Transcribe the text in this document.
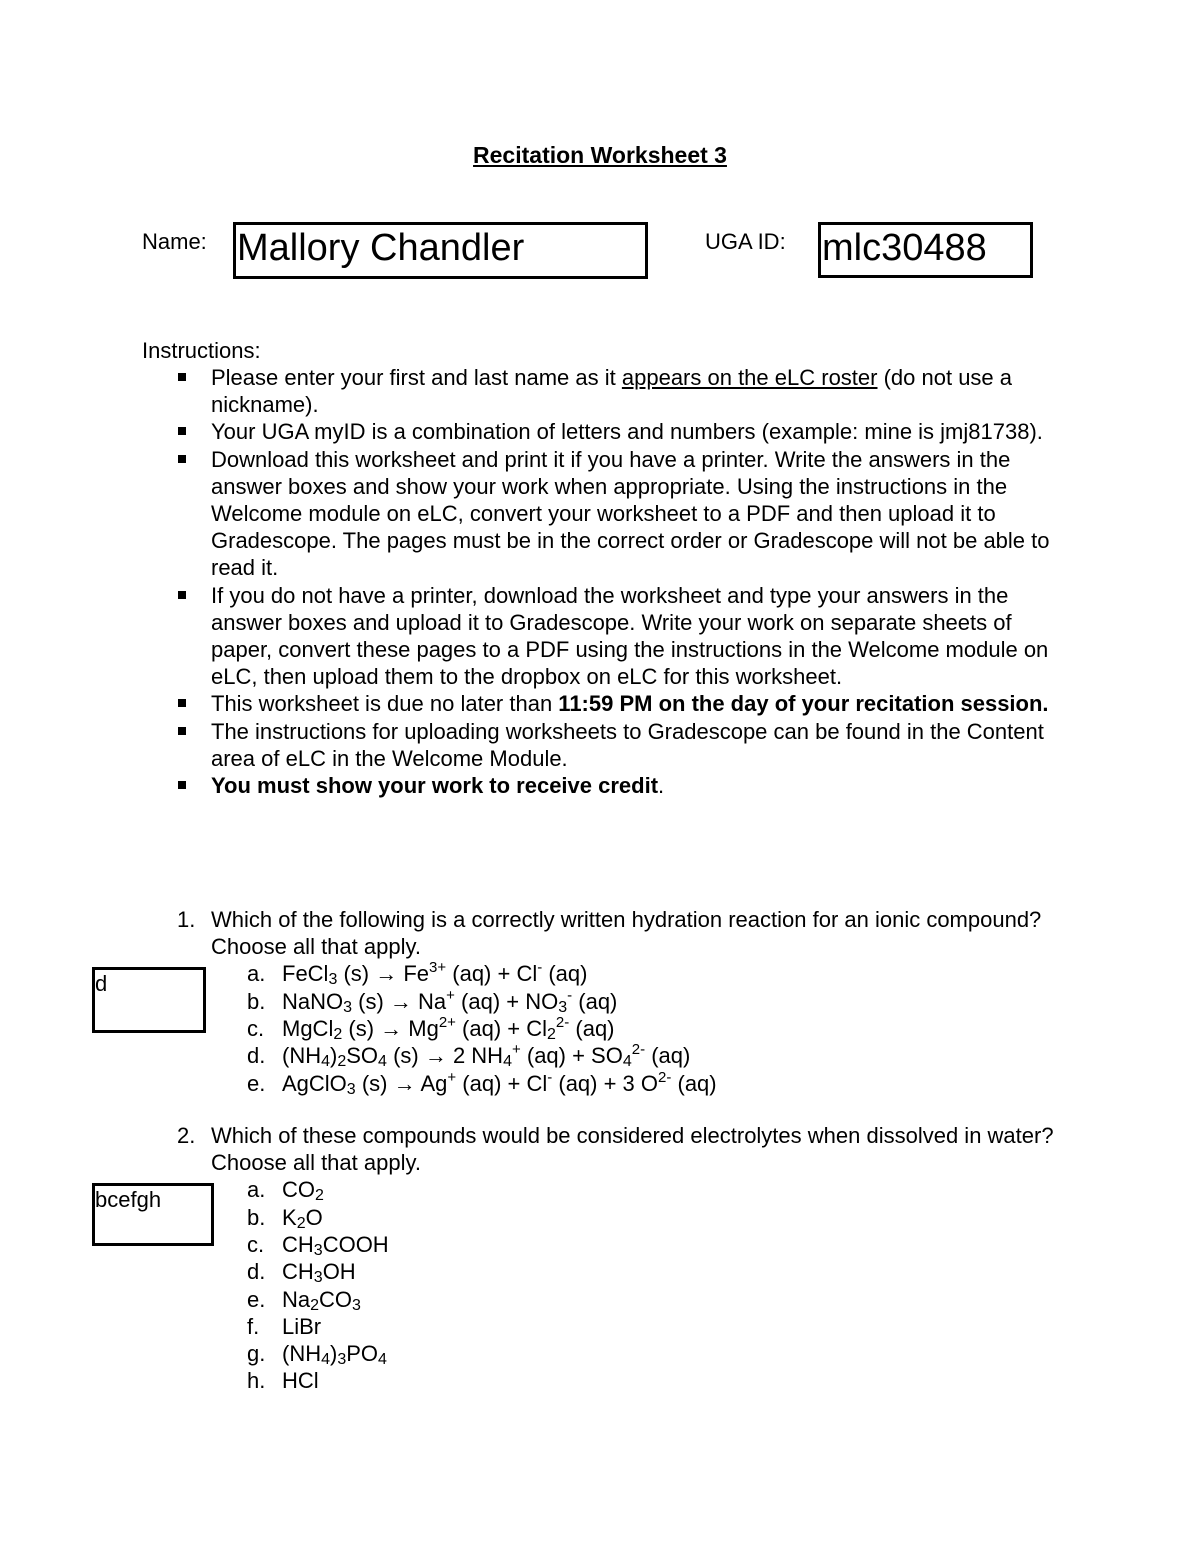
Recitation Worksheet 3
Name: Mallory Chandler	UGA ID: mlc30488
Instructions:
Please enter your first and last name as it appears on the eLC roster (do not use a nickname).
Your UGA myID is a combination of letters and numbers (example: mine is jmj81738).
Download this worksheet and print it if you have a printer. Write the answers in the answer boxes and show your work when appropriate. Using the instructions in the Welcome module on eLC, convert your worksheet to a PDF and then upload it to Gradescope. The pages must be in the correct order or Gradescope will not be able to read it.
If you do not have a printer, download the worksheet and type your answers in the answer boxes and upload it to Gradescope. Write your work on separate sheets of paper, convert these pages to a PDF using the instructions in the Welcome module on eLC, then upload them to the dropbox on eLC for this worksheet.
This worksheet is due no later than 11:59 PM on the day of your recitation session.
The instructions for uploading worksheets to Gradescope can be found in the Content area of eLC in the Welcome Module.
You must show your work to receive credit.
1. Which of the following is a correctly written hydration reaction for an ionic compound? Choose all that apply.
a. FeCl$_3$ $(s) \to Fe^{3+}$ (aq) + Cl- (aq)
b. NaNO$_3$ (s) → Na+ $(aq) + NO_3^-$ (aq)
c. MgCl$_2$ $(s) \to Mg^{2+}$ $(aq) + Cl_2^{2-}$ (aq)
d. $(NH_4)_2SO_4$ (s) → 2 $NH_4^+$ $(aq) + SO_4^{2-}$ (aq)
e. AgClO$_3$ (s) → Ag+ (aq) + Cl- (aq) + 3 $O^{2-}$ (aq)
d
2. Which of these compounds would be considered electrolytes when dissolved in water? Choose all that apply.
a. $CO_2$
b. $K_2O$
c. $CH_3COOH$
d. $CH_3OH$
e. $Na_2CO_3$
f. LiBr
g. $(NH_4)_3PO_4$
h. HCl
bcefgh
